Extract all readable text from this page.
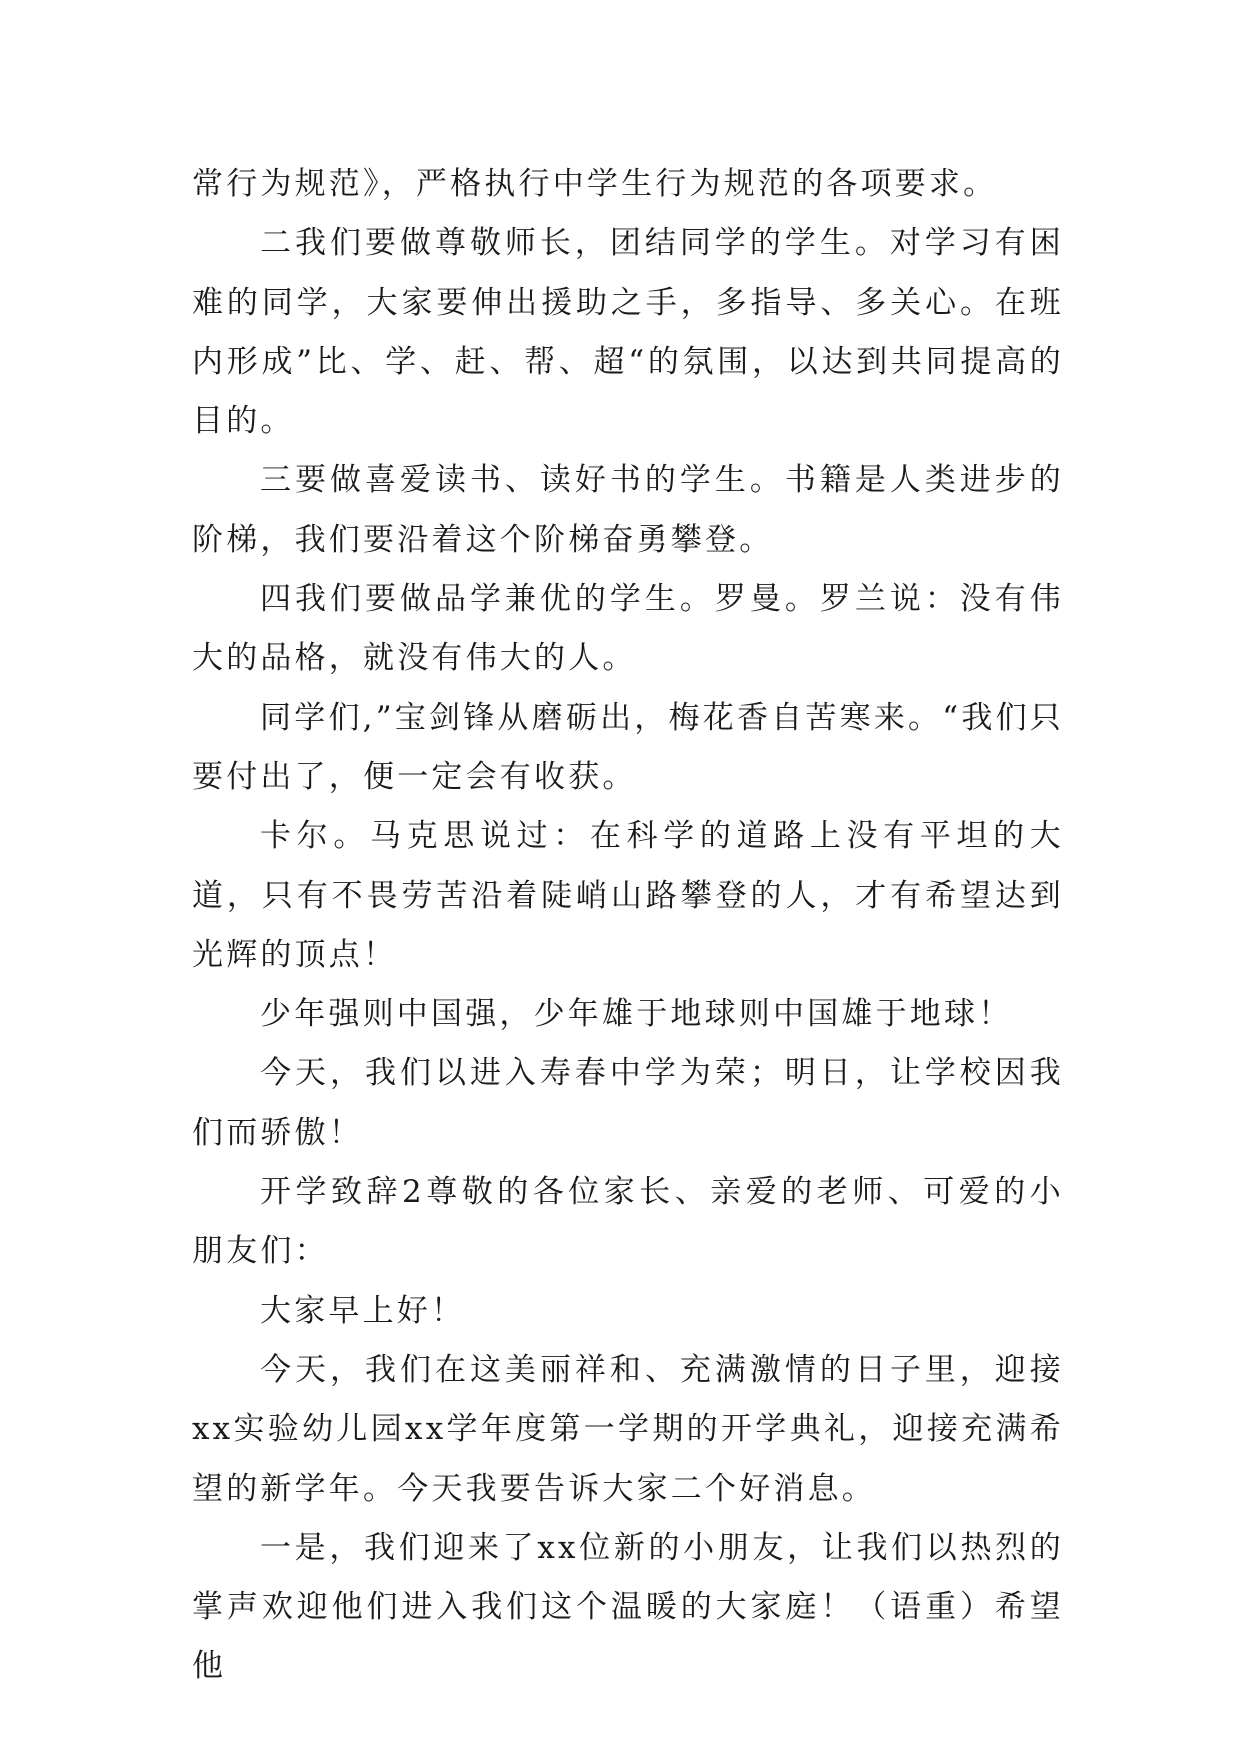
常行为规范》，严格执行中学生行为规范的各项要求。

二我们要做尊敬师长，团结同学的学生。对学习有困难的同学，大家要伸出援助之手，多指导、多关心。在班内形成”比、学、赶、帮、超“的氛围，以达到共同提高的目的。

三要做喜爱读书、读好书的学生。书籍是人类进步的阶梯，我们要沿着这个阶梯奋勇攀登。

四我们要做品学兼优的学生。罗曼。罗兰说：没有伟大的品格，就没有伟大的人。

同学们,”宝剑锋从磨砺出，梅花香自苦寒来。“我们只要付出了，便一定会有收获。

卡尔。马克思说过：在科学的道路上没有平坦的大道，只有不畏劳苦沿着陡峭山路攀登的人，才有希望达到光辉的顶点！

少年强则中国强，少年雄于地球则中国雄于地球！

今天，我们以进入寿春中学为荣；明日，让学校因我们而骄傲！

开学致辞2尊敬的各位家长、亲爱的老师、可爱的小朋友们：

大家早上好！

今天，我们在这美丽祥和、充满激情的日子里，迎接xx实验幼儿园xx学年度第一学期的开学典礼，迎接充满希望的新学年。今天我要告诉大家二个好消息。

一是，我们迎来了xx位新的小朋友，让我们以热烈的掌声欢迎他们进入我们这个温暖的大家庭！（语重）希望他
